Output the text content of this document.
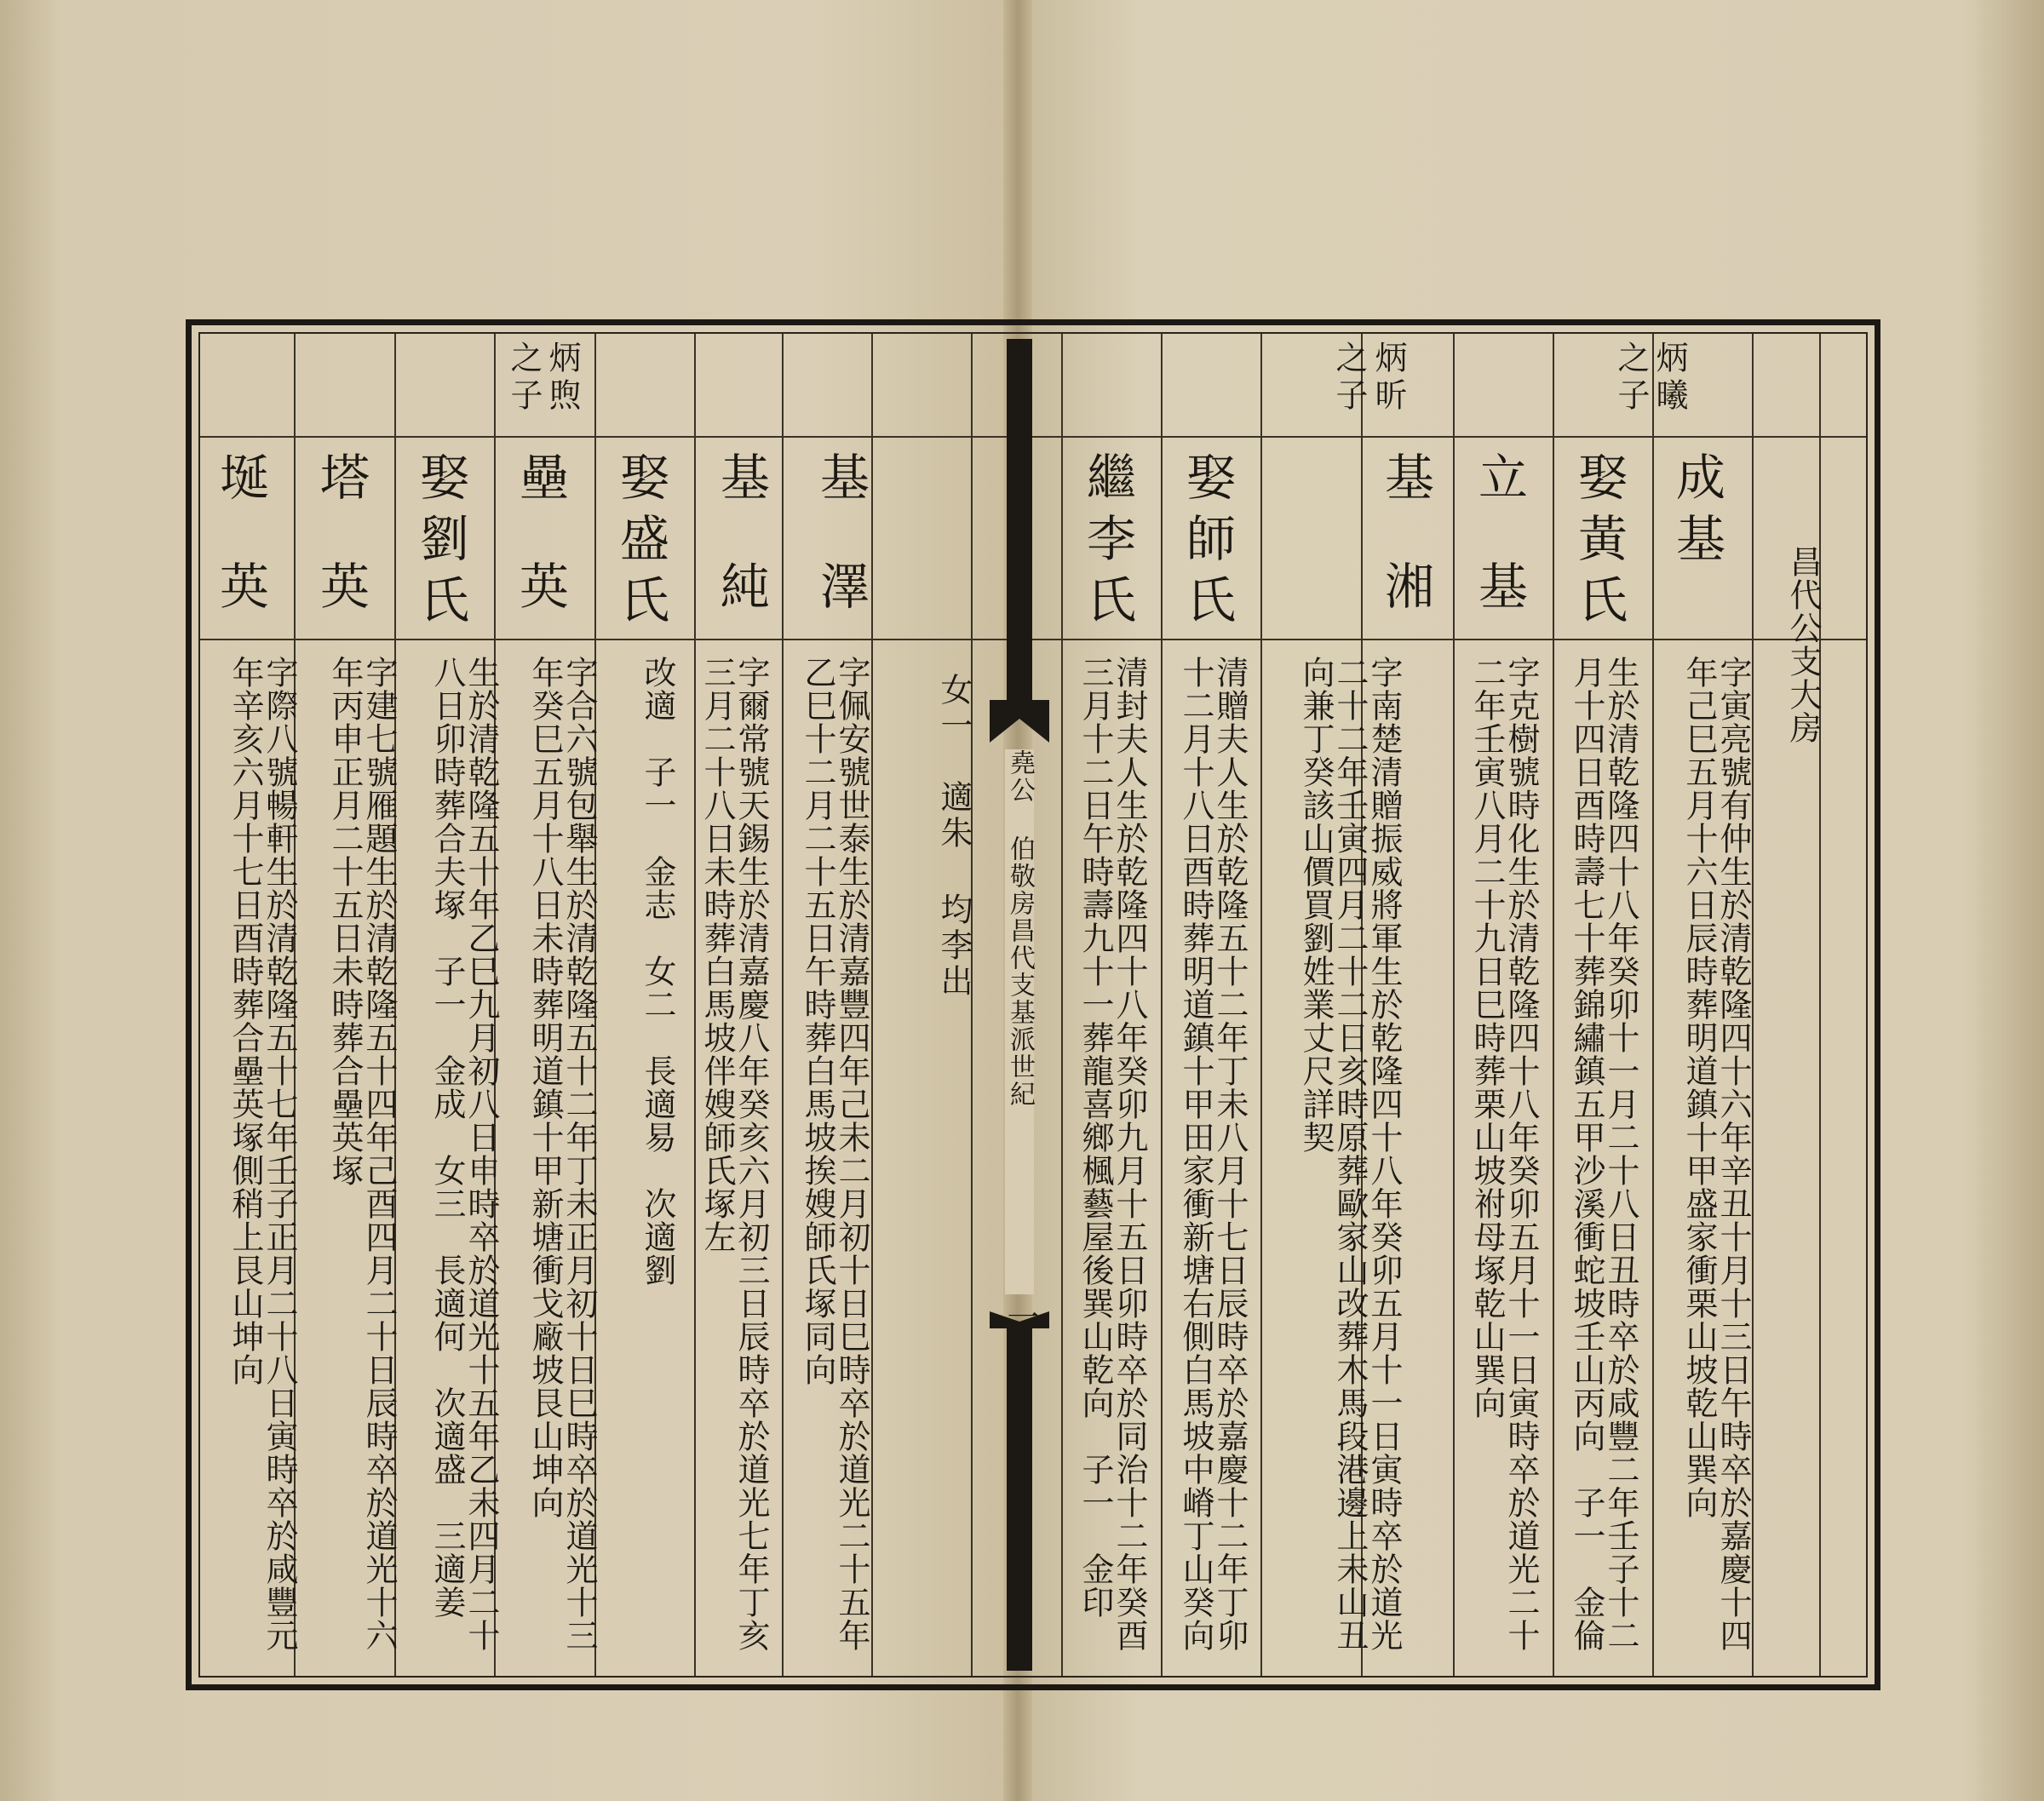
昌代公支大房
堯公 伯敬房昌代支基派世紀
一
炳曦
之子
成基
字寅亮號有仲生於清乾隆四十六年辛丑十月十三日午時卒於嘉慶十四年己巳五月十六日辰時葬明道鎮十甲盛家衝栗山坡乾山巽向
娶黃氏
生於清乾隆四十八年癸卯十一月二十八日丑時卒於咸豐二年壬子十二月十四日酉時壽七十葬錦繡鎮五甲沙溪衝蛇坡壬山丙向　子一　金倫
立基
字克樹號時化生於清乾隆四十八年癸卯五月十一日寅時卒於道光二十二年壬寅八月二十九日巳時葬栗山坡祔母塚乾山巽向
炳昕
之子
基湘
字南楚清贈振威將軍生於乾隆四十八年癸卯五月十一日寅時卒於道光二十二年壬寅四月二十二日亥時原葬歐家山改葬木馬段港邊上未山丑向兼丁癸該山價買劉姓業丈尺詳契
娶師氏
清贈夫人生於乾隆五十二年丁未八月十七日辰時卒於嘉慶十二年丁卯十二月十八日酉時葬明道鎮十甲田家衝新塘右側白馬坡中嵴丁山癸向
繼李氏
清封夫人生於乾隆四十八年癸卯九月十五日卯時卒於同治十二年癸酉三月十二日午時壽九十一葬龍喜鄉楓藝屋後巽山乾向　子一　金印
女一　適朱 均李出
基澤
字佩安號世泰生於清嘉豐四年己未二月初十日巳時卒於道光二十五年乙巳十二月二十五日午時葬白馬坡挨嫂師氏塚同向
基純
字爾常號天錫生於清嘉慶八年癸亥六月初三日辰時卒於道光七年丁亥三月二十八日未時葬白馬坡伴嫂師氏塚左
娶盛氏
改適　子一　金志　女二　長適易　次適劉
炳煦
之子
壘英
字合六號包舉生於清乾隆五十二年丁未正月初十日巳時卒於道光十三年癸巳五月十八日未時葬明道鎮十甲新塘衝戈廠坡艮山坤向
娶劉氏
生於清乾隆五十年乙巳九月初八日申時卒於道光十五年乙未四月二十八日卯時葬合夫塚　子一　金成　女三　長適何　次適盛　三適姜
塔英
字建七號雁題生於清乾隆五十四年己酉四月二十日辰時卒於道光十六年丙申正月二十五日未時葬合壘英塚
埏英
字際八號暢軒生於清乾隆五十七年壬子正月二十八日寅時卒於咸豐元年辛亥六月十七日酉時葬合壘英塚側稍上艮山坤向
